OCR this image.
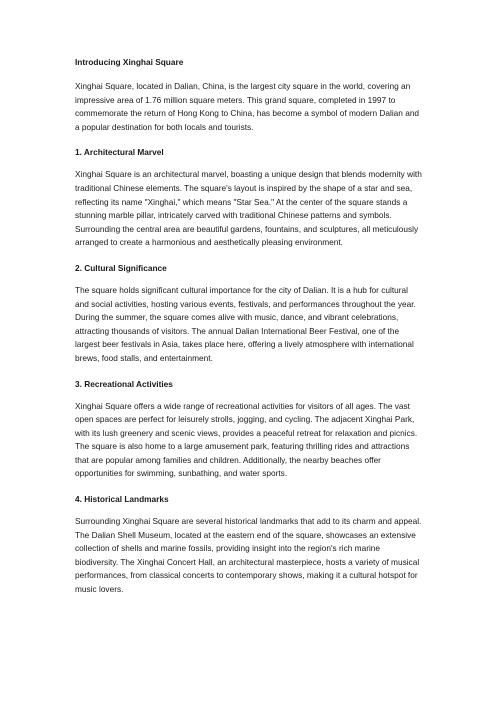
Introducing Xinghai Square
Xinghai Square, located in Dalian, China, is the largest city square in the world, covering an impressive area of 1.76 million square meters. This grand square, completed in 1997 to commemorate the return of Hong Kong to China, has become a symbol of modern Dalian and a popular destination for both locals and tourists.
1. Architectural Marvel
Xinghai Square is an architectural marvel, boasting a unique design that blends modernity with traditional Chinese elements. The square's layout is inspired by the shape of a star and sea, reflecting its name "Xinghai," which means "Star Sea." At the center of the square stands a stunning marble pillar, intricately carved with traditional Chinese patterns and symbols. Surrounding the central area are beautiful gardens, fountains, and sculptures, all meticulously arranged to create a harmonious and aesthetically pleasing environment.
2. Cultural Significance
The square holds significant cultural importance for the city of Dalian. It is a hub for cultural and social activities, hosting various events, festivals, and performances throughout the year. During the summer, the square comes alive with music, dance, and vibrant celebrations, attracting thousands of visitors. The annual Dalian International Beer Festival, one of the largest beer festivals in Asia, takes place here, offering a lively atmosphere with international brews, food stalls, and entertainment.
3. Recreational Activities
Xinghai Square offers a wide range of recreational activities for visitors of all ages. The vast open spaces are perfect for leisurely strolls, jogging, and cycling. The adjacent Xinghai Park, with its lush greenery and scenic views, provides a peaceful retreat for relaxation and picnics. The square is also home to a large amusement park, featuring thrilling rides and attractions that are popular among families and children. Additionally, the nearby beaches offer opportunities for swimming, sunbathing, and water sports.
4. Historical Landmarks
Surrounding Xinghai Square are several historical landmarks that add to its charm and appeal. The Dalian Shell Museum, located at the eastern end of the square, showcases an extensive collection of shells and marine fossils, providing insight into the region's rich marine biodiversity. The Xinghai Concert Hall, an architectural masterpiece, hosts a variety of musical performances, from classical concerts to contemporary shows, making it a cultural hotspot for music lovers.
